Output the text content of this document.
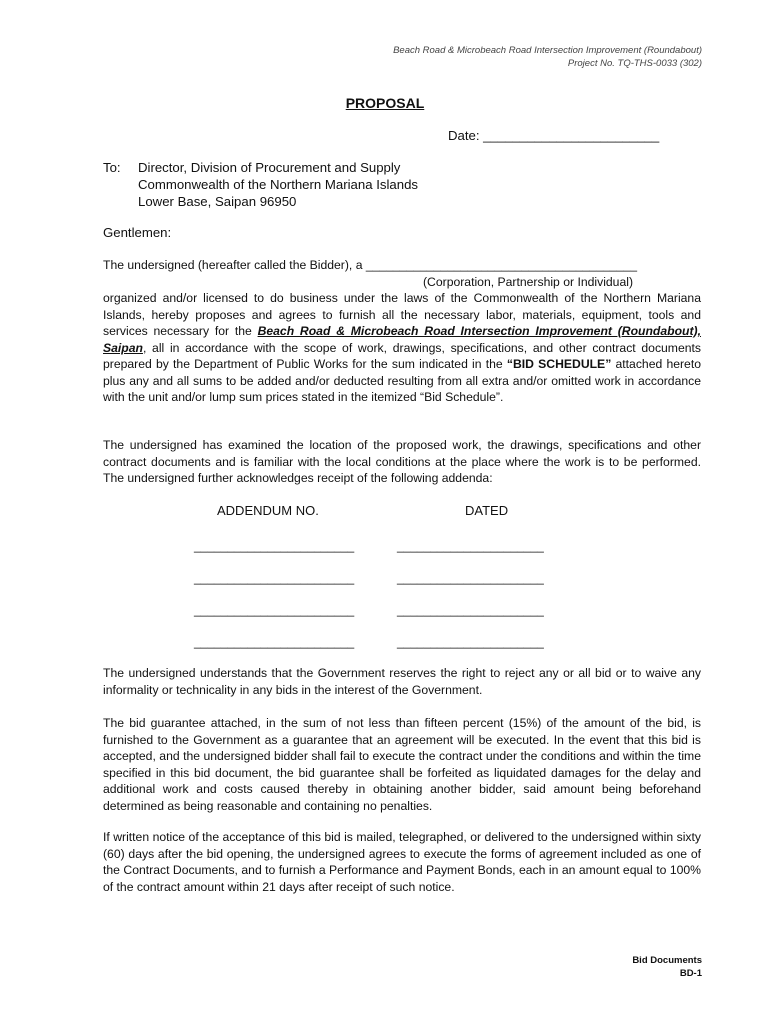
Beach Road & Microbeach Road Intersection Improvement (Roundabout)
Project No. TQ-THS-0033 (302)
PROPOSAL
Date: ________________________
To: Director, Division of Procurement and Supply
Commonwealth of the Northern Mariana Islands
Lower Base, Saipan 96950
Gentlemen:
The undersigned (hereafter called the Bidder), a ________________________________________
(Corporation, Partnership or Individual)
organized and/or licensed to do business under the laws of the Commonwealth of the Northern Mariana Islands, hereby proposes and agrees to furnish all the necessary labor, materials, equipment, tools and services necessary for the Beach Road & Microbeach Road Intersection Improvement (Roundabout), Saipan, all in accordance with the scope of work, drawings, specifications, and other contract documents prepared by the Department of Public Works for the sum indicated in the “BID SCHEDULE” attached hereto plus any and all sums to be added and/or deducted resulting from all extra and/or omitted work in accordance with the unit and/or lump sum prices stated in the itemized “Bid Schedule”.

The undersigned has examined the location of the proposed work, the drawings, specifications and other contract documents and is familiar with the local conditions at the place where the work is to be performed. The undersigned further acknowledges receipt of the following addenda:

ADDENDUM NO.	DATED
________________________	______________________
________________________	______________________
________________________	______________________
________________________	______________________

The undersigned understands that the Government reserves the right to reject any or all bid or to waive any informality or technicality in any bids in the interest of the Government.

The bid guarantee attached, in the sum of not less than fifteen percent (15%) of the amount of the bid, is furnished to the Government as a guarantee that an agreement will be executed. In the event that this bid is accepted, and the undersigned bidder shall fail to execute the contract under the conditions and within the time specified in this bid document, the bid guarantee shall be forfeited as liquidated damages for the delay and additional work and costs caused thereby in obtaining another bidder, said amount being beforehand determined as being reasonable and containing no penalties.

If written notice of the acceptance of this bid is mailed, telegraphed, or delivered to the undersigned within sixty (60) days after the bid opening, the undersigned agrees to execute the forms of agreement included as one of the Contract Documents, and to furnish a Performance and Payment Bonds, each in an amount equal to 100% of the contract amount within 21 days after receipt of such notice.

Bid Documents
BD-1
